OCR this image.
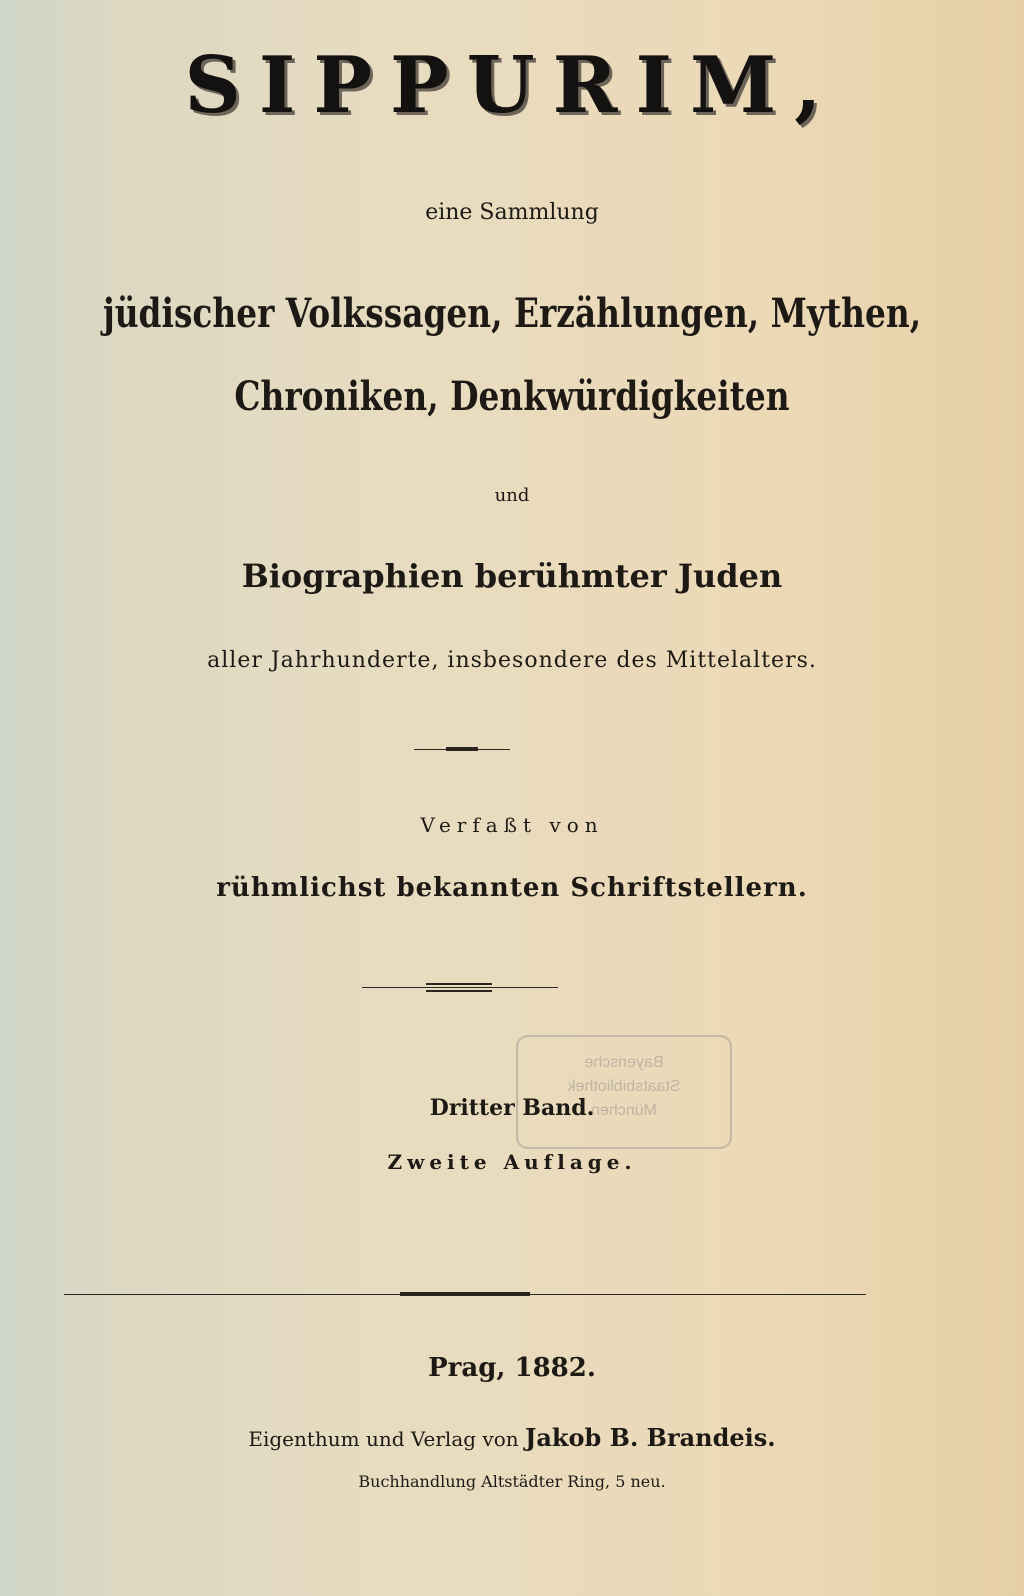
SIPPURIM,
eine Sammlung
jüdischer Volkssagen, Erzählungen, Mythen,
Chroniken, Denkwürdigkeiten
und
Biographien berühmter Juden
aller Jahrhunderte, insbesondere des Mittelalters.
Verfaßt von
rühmlichst bekannten Schriftstellern.
Bayerische
Staatsbibliothek
München
Dritter Band.
Zweite Auflage.
Prag, 1882.
Eigenthum und Verlag von Jakob B. Brandeis.
Buchhandlung Altstädter Ring, 5 neu.
